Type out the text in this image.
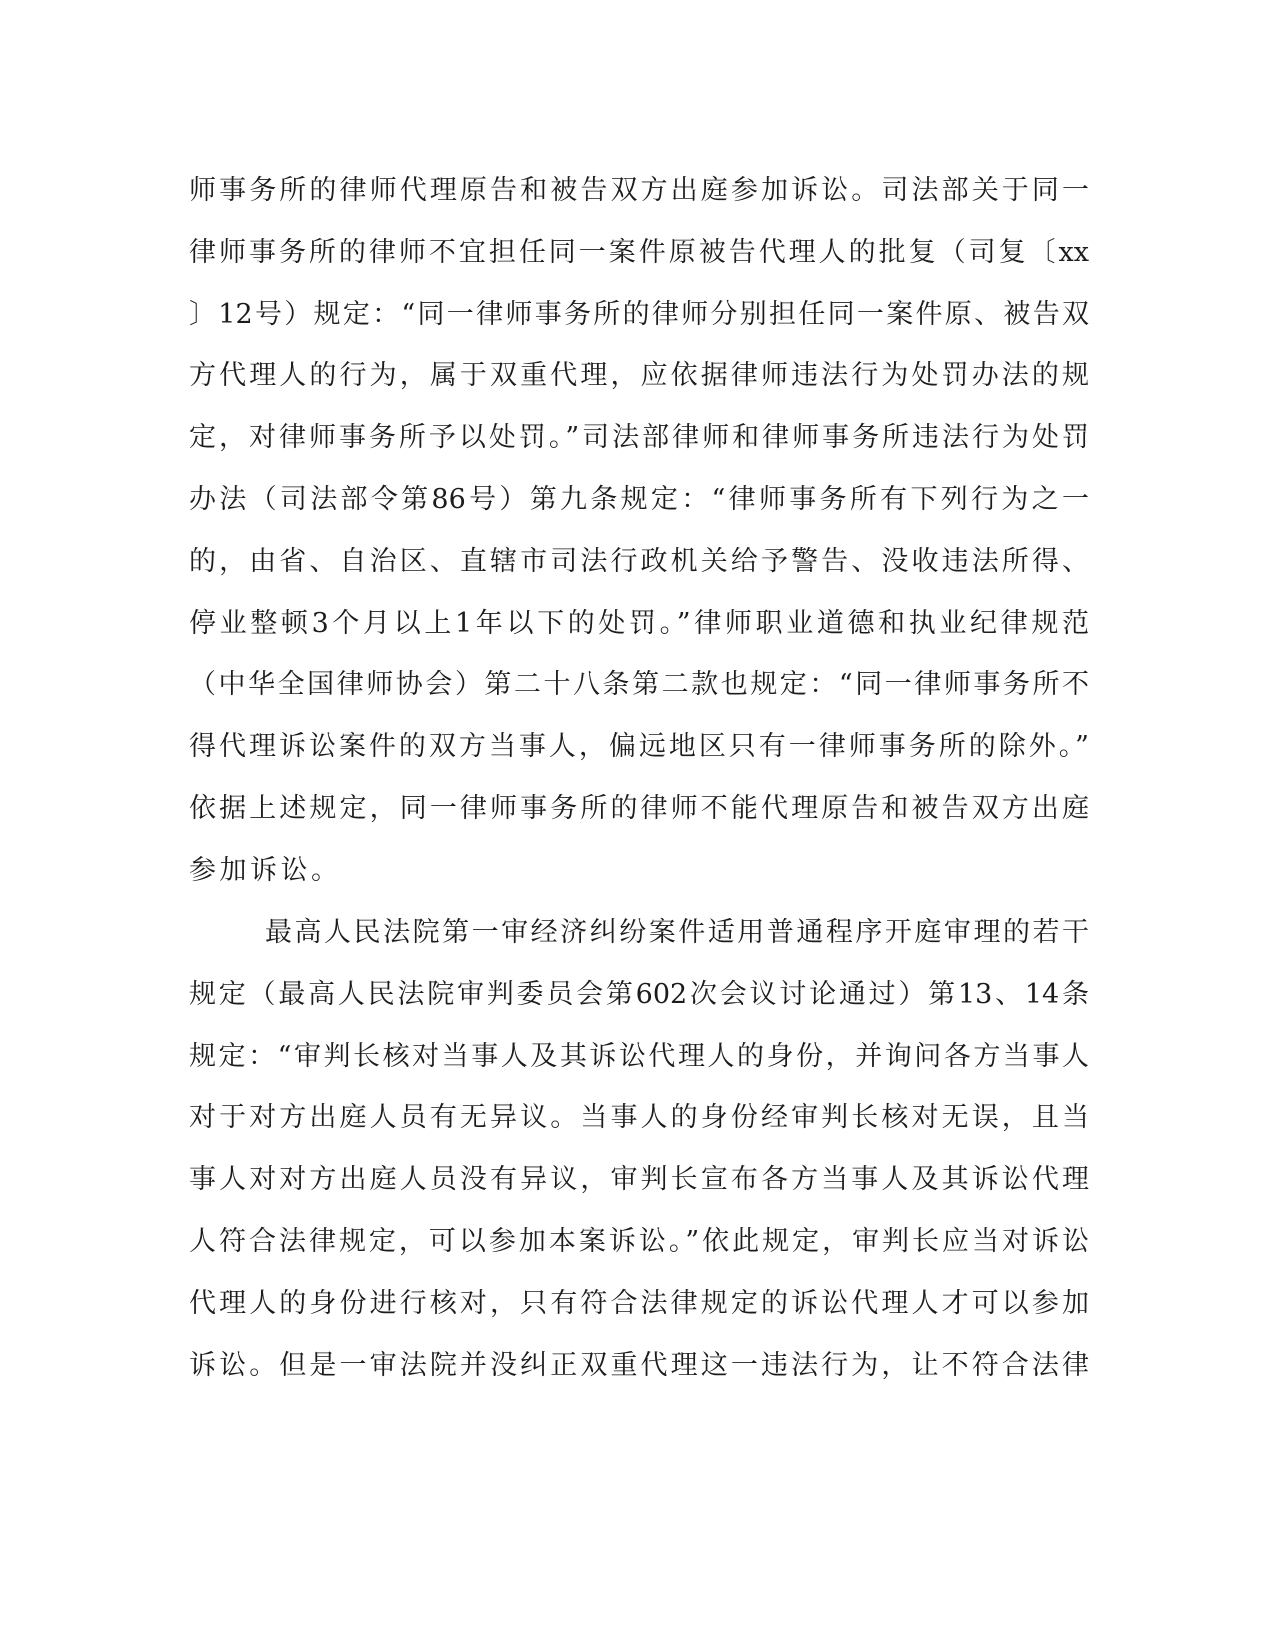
师事务所的律师代理原告和被告双方出庭参加诉讼。司法部关于同一
律师事务所的律师不宜担任同一案件原被告代理人的批复（司复〔xx
〕12号）规定：“同一律师事务所的律师分别担任同一案件原、被告双
方代理人的行为，属于双重代理，应依据律师违法行为处罚办法的规
定，对律师事务所予以处罚。”司法部律师和律师事务所违法行为处罚
办法（司法部令第86号）第九条规定：“律师事务所有下列行为之一
的，由省、自治区、直辖市司法行政机关给予警告、没收违法所得、
停业整顿3个月以上1年以下的处罚。”律师职业道德和执业纪律规范
（中华全国律师协会）第二十八条第二款也规定：“同一律师事务所不
得代理诉讼案件的双方当事人，偏远地区只有一律师事务所的除外。”
依据上述规定，同一律师事务所的律师不能代理原告和被告双方出庭
参加诉讼。
最高人民法院第一审经济纠纷案件适用普通程序开庭审理的若干
规定（最高人民法院审判委员会第602次会议讨论通过）第13、14条
规定：“审判长核对当事人及其诉讼代理人的身份，并询问各方当事人
对于对方出庭人员有无异议。当事人的身份经审判长核对无误，且当
事人对对方出庭人员没有异议，审判长宣布各方当事人及其诉讼代理
人符合法律规定，可以参加本案诉讼。”依此规定，审判长应当对诉讼
代理人的身份进行核对，只有符合法律规定的诉讼代理人才可以参加
诉讼。但是一审法院并没纠正双重代理这一违法行为，让不符合法律
